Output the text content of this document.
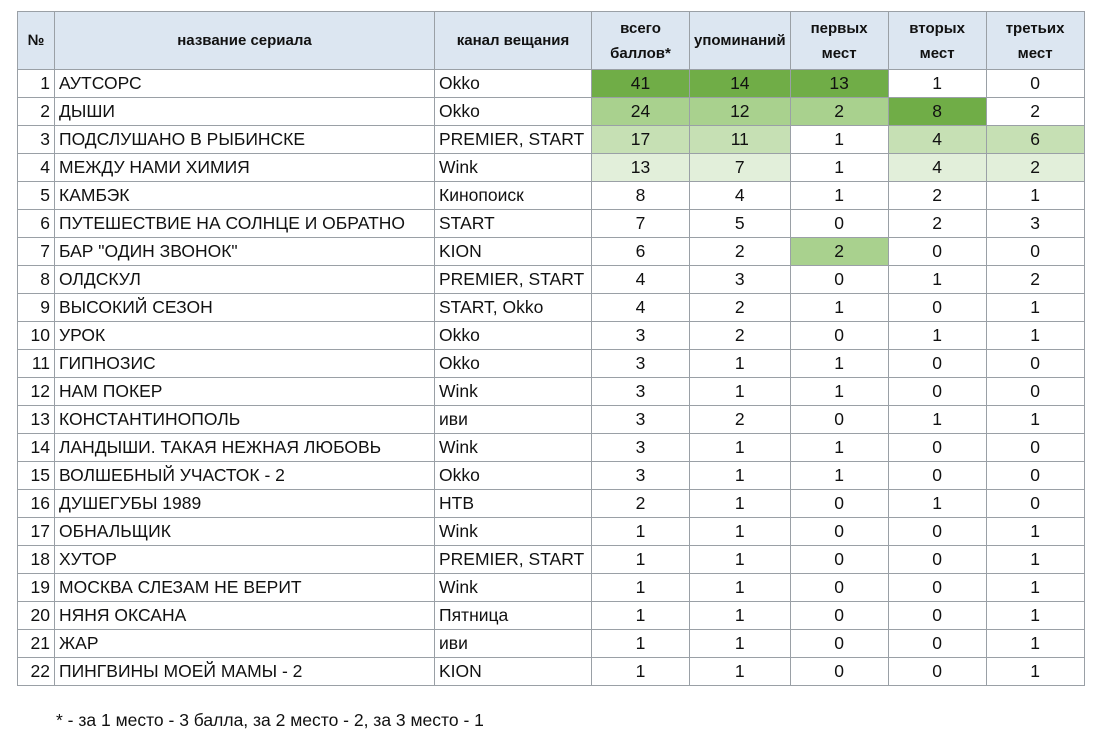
№	название сериала	канал вещания	всего баллов*	упоминаний	первых мест	вторых мест	третьих мест
1	АУТСОРС	Okko	41	14	13	1	0
2	ДЫШИ	Okko	24	12	2	8	2
3	ПОДСЛУШАНО В РЫБИНСКЕ	PREMIER, START	17	11	1	4	6
4	МЕЖДУ НАМИ ХИМИЯ	Wink	13	7	1	4	2
5	КАМБЭК	Кинопоиск	8	4	1	2	1
6	ПУТЕШЕСТВИЕ НА СОЛНЦЕ И ОБРАТНО	START	7	5	0	2	3
7	БАР "ОДИН ЗВОНОК"	KION	6	2	2	0	0
8	ОЛДСКУЛ	PREMIER, START	4	3	0	1	2
9	ВЫСОКИЙ СЕЗОН	START, Okko	4	2	1	0	1
10	УРОК	Okko	3	2	0	1	1
11	ГИПНОЗИС	Okko	3	1	1	0	0
12	НАМ ПОКЕР	Wink	3	1	1	0	0
13	КОНСТАНТИНОПОЛЬ	иви	3	2	0	1	1
14	ЛАНДЫШИ. ТАКАЯ НЕЖНАЯ ЛЮБОВЬ	Wink	3	1	1	0	0
15	ВОЛШЕБНЫЙ УЧАСТОК - 2	Okko	3	1	1	0	0
16	ДУШЕГУБЫ 1989	НТВ	2	1	0	1	0
17	ОБНАЛЬЩИК	Wink	1	1	0	0	1
18	ХУТОР	PREMIER, START	1	1	0	0	1
19	МОСКВА СЛЕЗАМ НЕ ВЕРИТ	Wink	1	1	0	0	1
20	НЯНЯ ОКСАНА	Пятница	1	1	0	0	1
21	ЖАР	иви	1	1	0	0	1
22	ПИНГВИНЫ МОЕЙ МАМЫ - 2	KION	1	1	0	0	1
* - за 1 место - 3 балла, за 2 место - 2, за 3 место - 1
